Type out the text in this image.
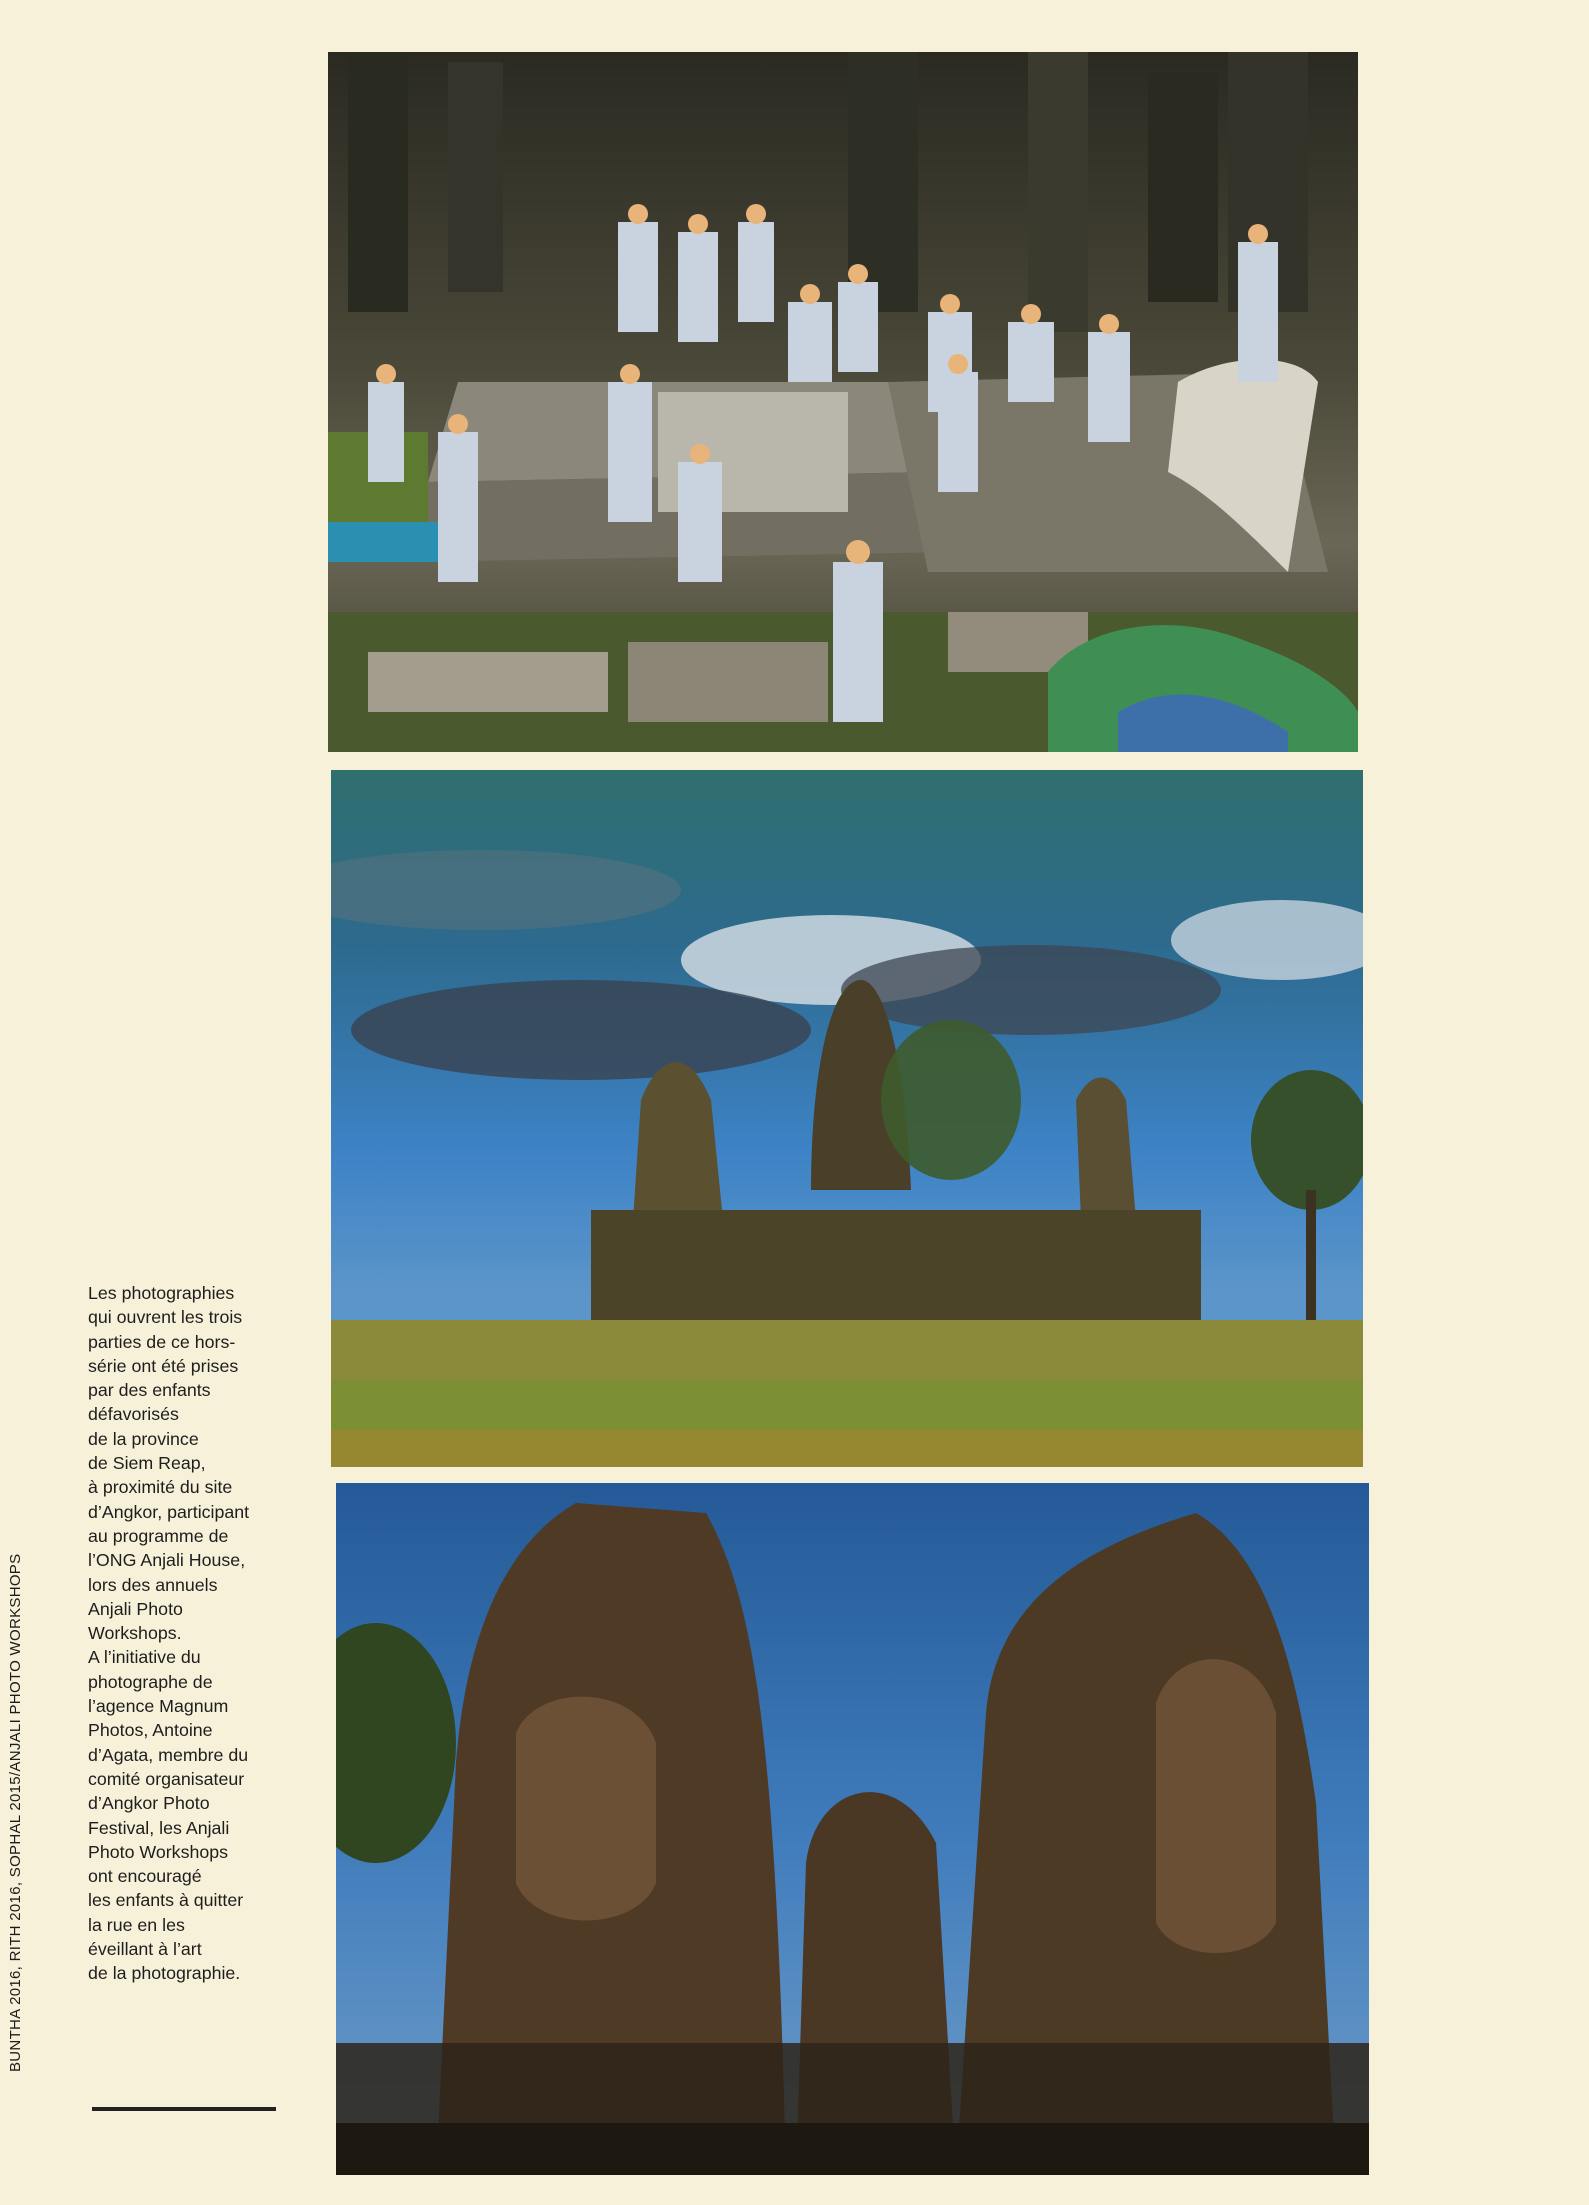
BUNTHA 2016, RITH 2016, SOPHAL 2015/ANJALI PHOTO WORKSHOPS
Les photographies
qui ouvrent les trois
parties de ce hors-
série ont été prises
par des enfants
défavorisés
de la province
de Siem Reap,
à proximité du site
d’Angkor, participant
au programme de
l’ONG Anjali House,
lors des annuels
Anjali Photo
Workshops.
A l’initiative du
photographe de
l’agence Magnum
Photos, Antoine
d’Agata, membre du
comité organisateur
d’Angkor Photo
Festival, les Anjali
Photo Workshops
ont encouragé
les enfants à quitter
la rue en les
éveillant à l’art
de la photographie.
